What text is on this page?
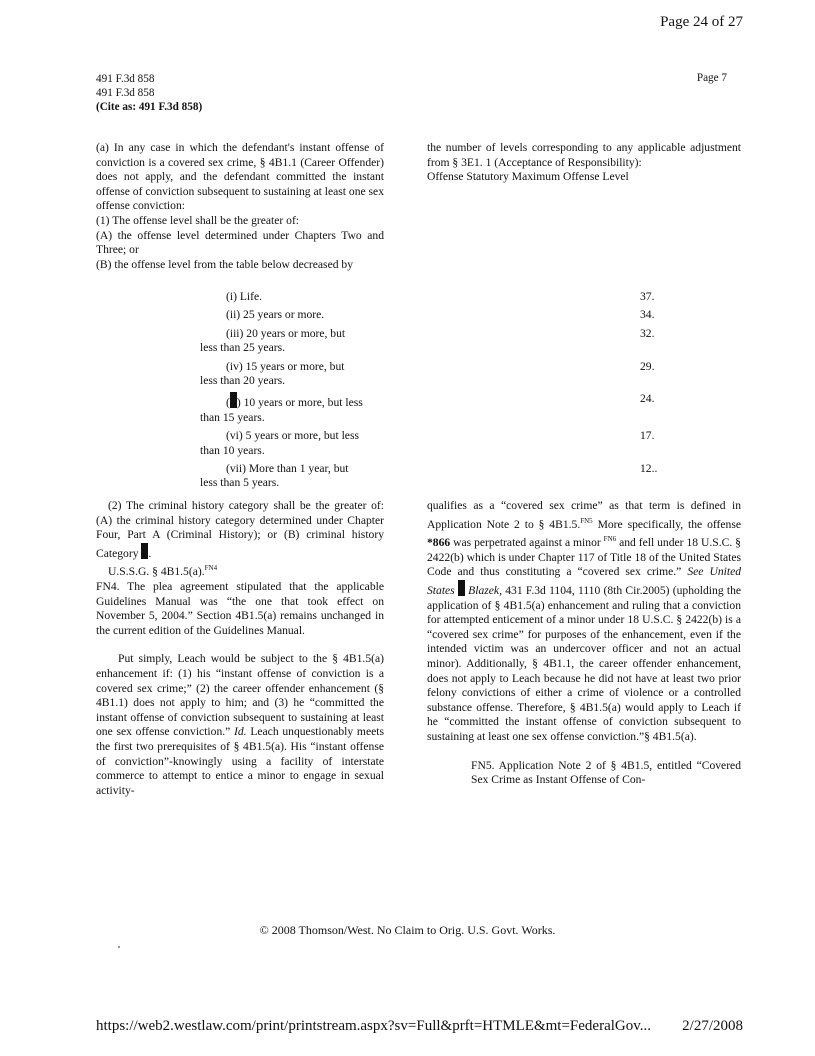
Page 24 of 27
491 F.3d 858
491 F.3d 858
(Cite as: 491 F.3d 858)
Page 7

(a) In any case in which the defendant's instant offense of conviction is a covered sex crime, § 4B1.1 (Career Offender) does not apply, and the defendant committed the instant offense of conviction subsequent to sustaining at least one sex offense conviction:

(1) The offense level shall be the greater of:

(A) the offense level determined under Chapters Two and Three; or

(B) the offense level from the table below decreased by

the number of levels corresponding to any applicable adjustment from § 3E1. 1 (Acceptance of Responsibility):

Offense Statutory Maximum Offense Level

(i) Life.	37.
(ii) 25 years or more.	34.
(iii) 20 years or more, but
less than 25 years.
32.
(iv) 15 years or more, but
less than 20 years.
29.
( ) 10 years or more, but less
than 15 years.
24.
(vi) 5 years or more, but less
than 10 years.
17.
(vii) More than 1 year, but
less than 5 years.
12..

(2) The criminal history category shall be the greater of: (A) the criminal history category determined under Chapter Four, Part A (Criminal History); or (B) criminal history Category .

U.S.S.G. § 4B1.5(a).$^{FN4}$

FN4. The plea agreement stipulated that the applicable Guidelines Manual was “the one that took effect on November 5, 2004.” Section 4B1.5(a) remains unchanged in the current edition of the Guidelines Manual.

Put simply, Leach would be subject to the § 4B1.5(a) enhancement if: (1) his “instant offense of conviction is a covered sex crime;” (2) the career offender enhancement (§ 4B1.1) does not apply to him; and (3) he “committed the instant offense of conviction subsequent to sustaining at least one sex offense conviction.” Id. Leach unquestionably meets the first two prerequisites of § 4B1.5(a). His “instant offense of conviction”-knowingly using a facility of interstate commerce to attempt to entice a minor to engage in sexual activity-

qualifies as a “covered sex crime” as that term is defined in Application Note 2 to § 4B1.5.$^{FN5}$ More specifically, the offense *866 was perpetrated against a minor $^{FN6}$ and fell under 18 U.S.C. § 2422(b) which is under Chapter 117 of Title 18 of the United States Code and thus constituting a “covered sex crime.” See United States Blazek, 431 F.3d 1104, 1110 (8th Cir.2005) (upholding the application of § 4B1.5(a) enhancement and ruling that a conviction for attempted enticement of a minor under 18 U.S.C. § 2422(b) is a “covered sex crime” for purposes of the enhancement, even if the intended victim was an undercover officer and not an actual minor). Additionally, § 4B1.1, the career offender enhancement, does not apply to Leach because he did not have at least two prior felony convictions of either a crime of violence or a controlled substance offense. Therefore, § 4B1.5(a) would apply to Leach if he “committed the instant offense of conviction subsequent to sustaining at least one sex offense conviction.”§ 4B1.5(a).

FN5. Application Note 2 of § 4B1.5, entitled “Covered Sex Crime as Instant Offense of Con-

© 2008 Thomson/West. No Claim to Orig. U.S. Govt. Works.
https://web2.westlaw.com/print/printstream.aspx?sv=Full&prft=HTMLE&mt=FederalGov... 2/27/2008
